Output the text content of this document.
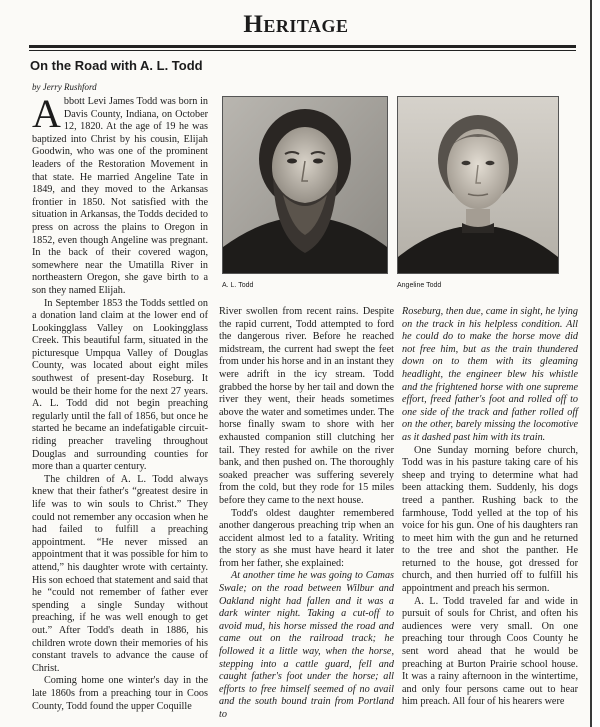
Heritage
On the Road with A. L. Todd
by Jerry Rushford

Abbott Levi James Todd was born in Davis County, Indiana, on October 12, 1820. At the age of 19 he was baptized into Christ by his cousin, Elijah Goodwin, who was one of the prominent leaders of the Restoration Movement in that state. He married Angeline Tate in 1849, and they moved to the Arkansas frontier in 1850. Not satisfied with the situation in Arkansas, the Todds decided to press on across the plains to Oregon in 1852, even though Angeline was pregnant. In the back of their covered wagon, somewhere near the Umatilla River in northeastern Oregon, she gave birth to a son they named Elijah.

In September 1853 the Todds settled on a donation land claim at the lower end of Lookingglass Valley on Lookingglass Creek. This beautiful farm, situated in the picturesque Umpqua Valley of Douglas County, was located about eight miles southwest of present-day Roseburg. It would be their home for the next 27 years. A. L. Todd did not begin preaching regularly until the fall of 1856, but once he started he became an indefatigable circuit-riding preacher traveling throughout Douglas and surrounding counties for more than a quarter century.

The children of A. L. Todd always knew that their father's “greatest desire in life was to win souls to Christ.” They could not remember any occasion when he had failed to fulfill a preaching appointment. “He never missed an appointment that it was possible for him to attend,” his daughter wrote with certainty. His son echoed that statement and said that he “could not remember of father ever spending a single Sunday without preaching, if he was well enough to get out.” After Todd's death in 1886, his children wrote down their memories of his constant travels to advance the cause of Christ.

Coming home one winter's day in the late 1860s from a preaching tour in Coos County, Todd found the upper Coquille

A. L. Todd	Angeline Todd

River swollen from recent rains. Despite the rapid current, Todd attempted to ford the dangerous river. Before he reached midstream, the current had swept the feet from under his horse and in an instant they were adrift in the icy stream. Todd grabbed the horse by her tail and down the river they went, their heads sometimes above the water and sometimes under. The horse finally swam to shore with her exhausted companion still clutching her tail. They rested for awhile on the river bank, and then pushed on. The thoroughly soaked preacher was suffering severely from the cold, but they rode for 15 miles before they came to the next house.

Todd's oldest daughter remembered another dangerous preaching trip when an accident almost led to a fatality. Writing the story as she must have heard it later from her father, she explained:

At another time he was going to Camas Swale; on the road between Wilbur and Oakland night had fallen and it was a dark winter night. Taking a cut-off to avoid mud, his horse missed the road and came out on the railroad track; he followed it a little way, when the horse, stepping into a cattle guard, fell and caught father's foot under the horse; all efforts to free himself seemed of no avail and the south bound train from Portland to

Roseburg, then due, came in sight, he lying on the track in his helpless condition. All he could do to make the horse move did not free him, but as the train thundered down on to them with its gleaming headlight, the engineer blew his whistle and the frightened horse with one supreme effort, freed father's foot and rolled off to one side of the track and father rolled off on the other, barely missing the locomotive as it dashed past him with its train.

One Sunday morning before church, Todd was in his pasture taking care of his sheep and trying to determine what had been attacking them. Suddenly, his dogs treed a panther. Rushing back to the farmhouse, Todd yelled at the top of his voice for his gun. One of his daughters ran to meet him with the gun and he returned to the tree and shot the panther. He returned to the house, got dressed for church, and then hurried off to fulfill his appointment and preach his sermon.

A. L. Todd traveled far and wide in pursuit of souls for Christ, and often his audiences were very small. On one preaching tour through Coos County he sent word ahead that he would be preaching at Burton Prairie school house. It was a rainy afternoon in the wintertime, and only four persons came out to hear him preach. All four of his hearers were
